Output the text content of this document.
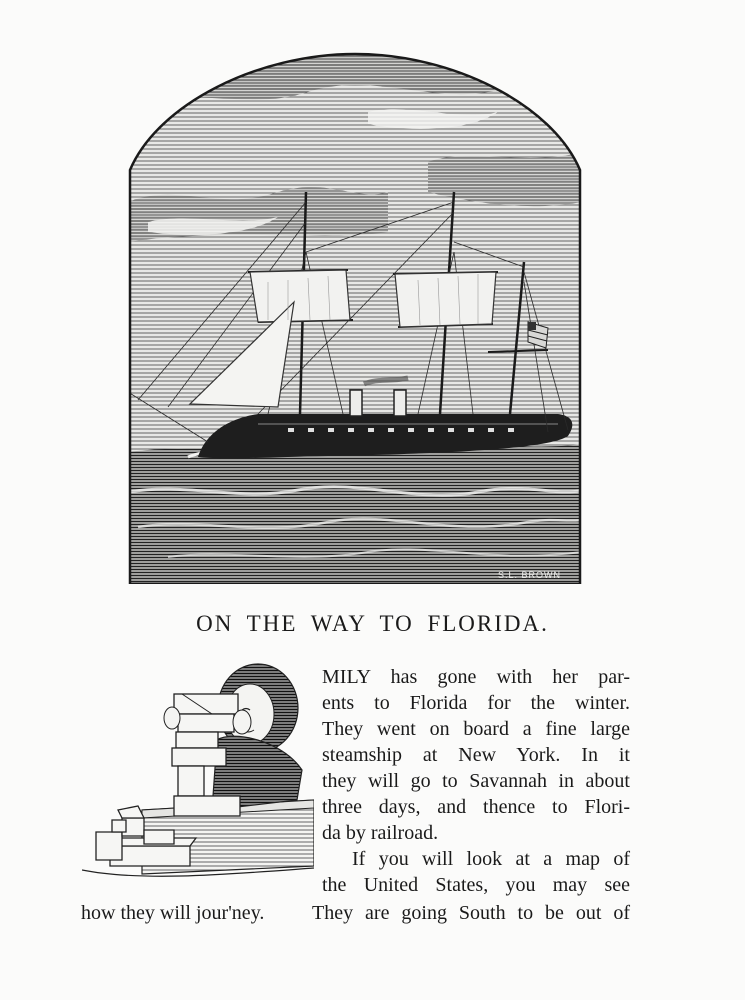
S.L. BROWN
ON THE WAY TO FLORIDA.
MILY has gone with her par-
ents to Florida for the winter.
They went on board a fine large
steamship at New York. In it
they will go to Savannah in about
three days, and thence to Flori-
da by railroad.
If you will look at a map of
the United States, you may see
how they will jour'ney. They are going South to be out of
